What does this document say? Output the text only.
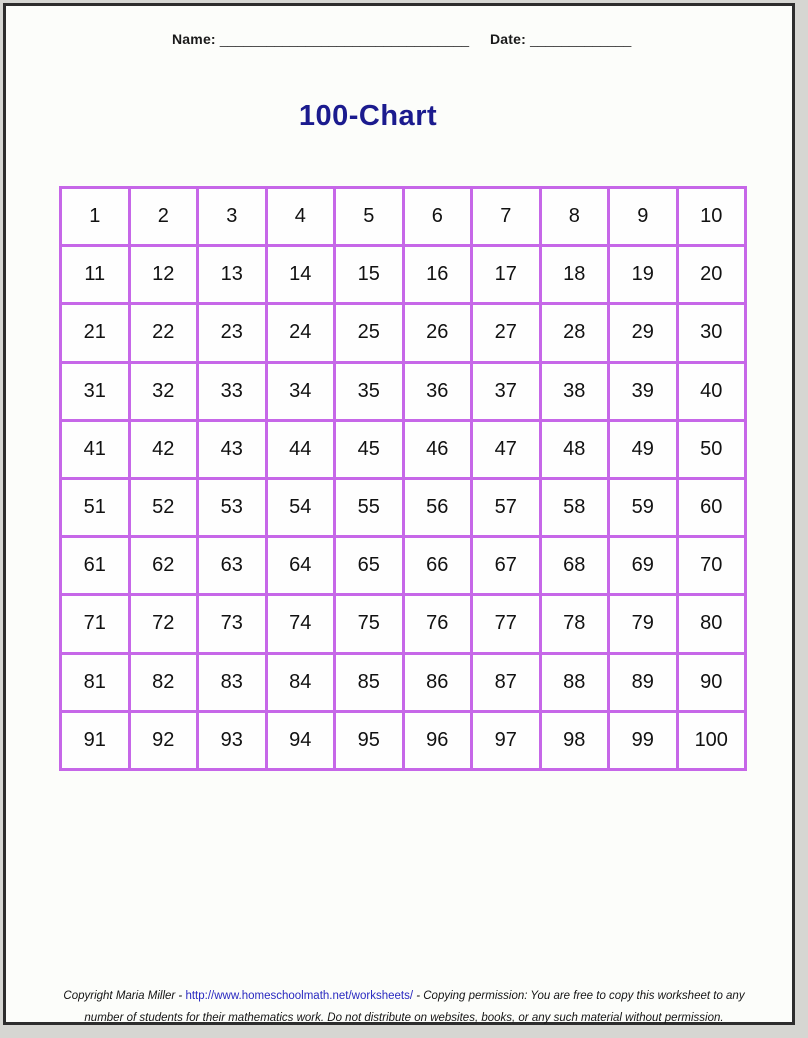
Name: ________________________________ Date: _____________
100-Chart
1	2	3	4	5	6	7	8	9	10
11	12	13	14	15	16	17	18	19	20
21	22	23	24	25	26	27	28	29	30
31	32	33	34	35	36	37	38	39	40
41	42	43	44	45	46	47	48	49	50
51	52	53	54	55	56	57	58	59	60
61	62	63	64	65	66	67	68	69	70
71	72	73	74	75	76	77	78	79	80
81	82	83	84	85	86	87	88	89	90
91	92	93	94	95	96	97	98	99	100
Copyright Maria Miller - http://www.homeschoolmath.net/worksheets/ - Copying permission: You are free to copy this worksheet to any
number of students for their mathematics work. Do not distribute on websites, books, or any such material without permission.
